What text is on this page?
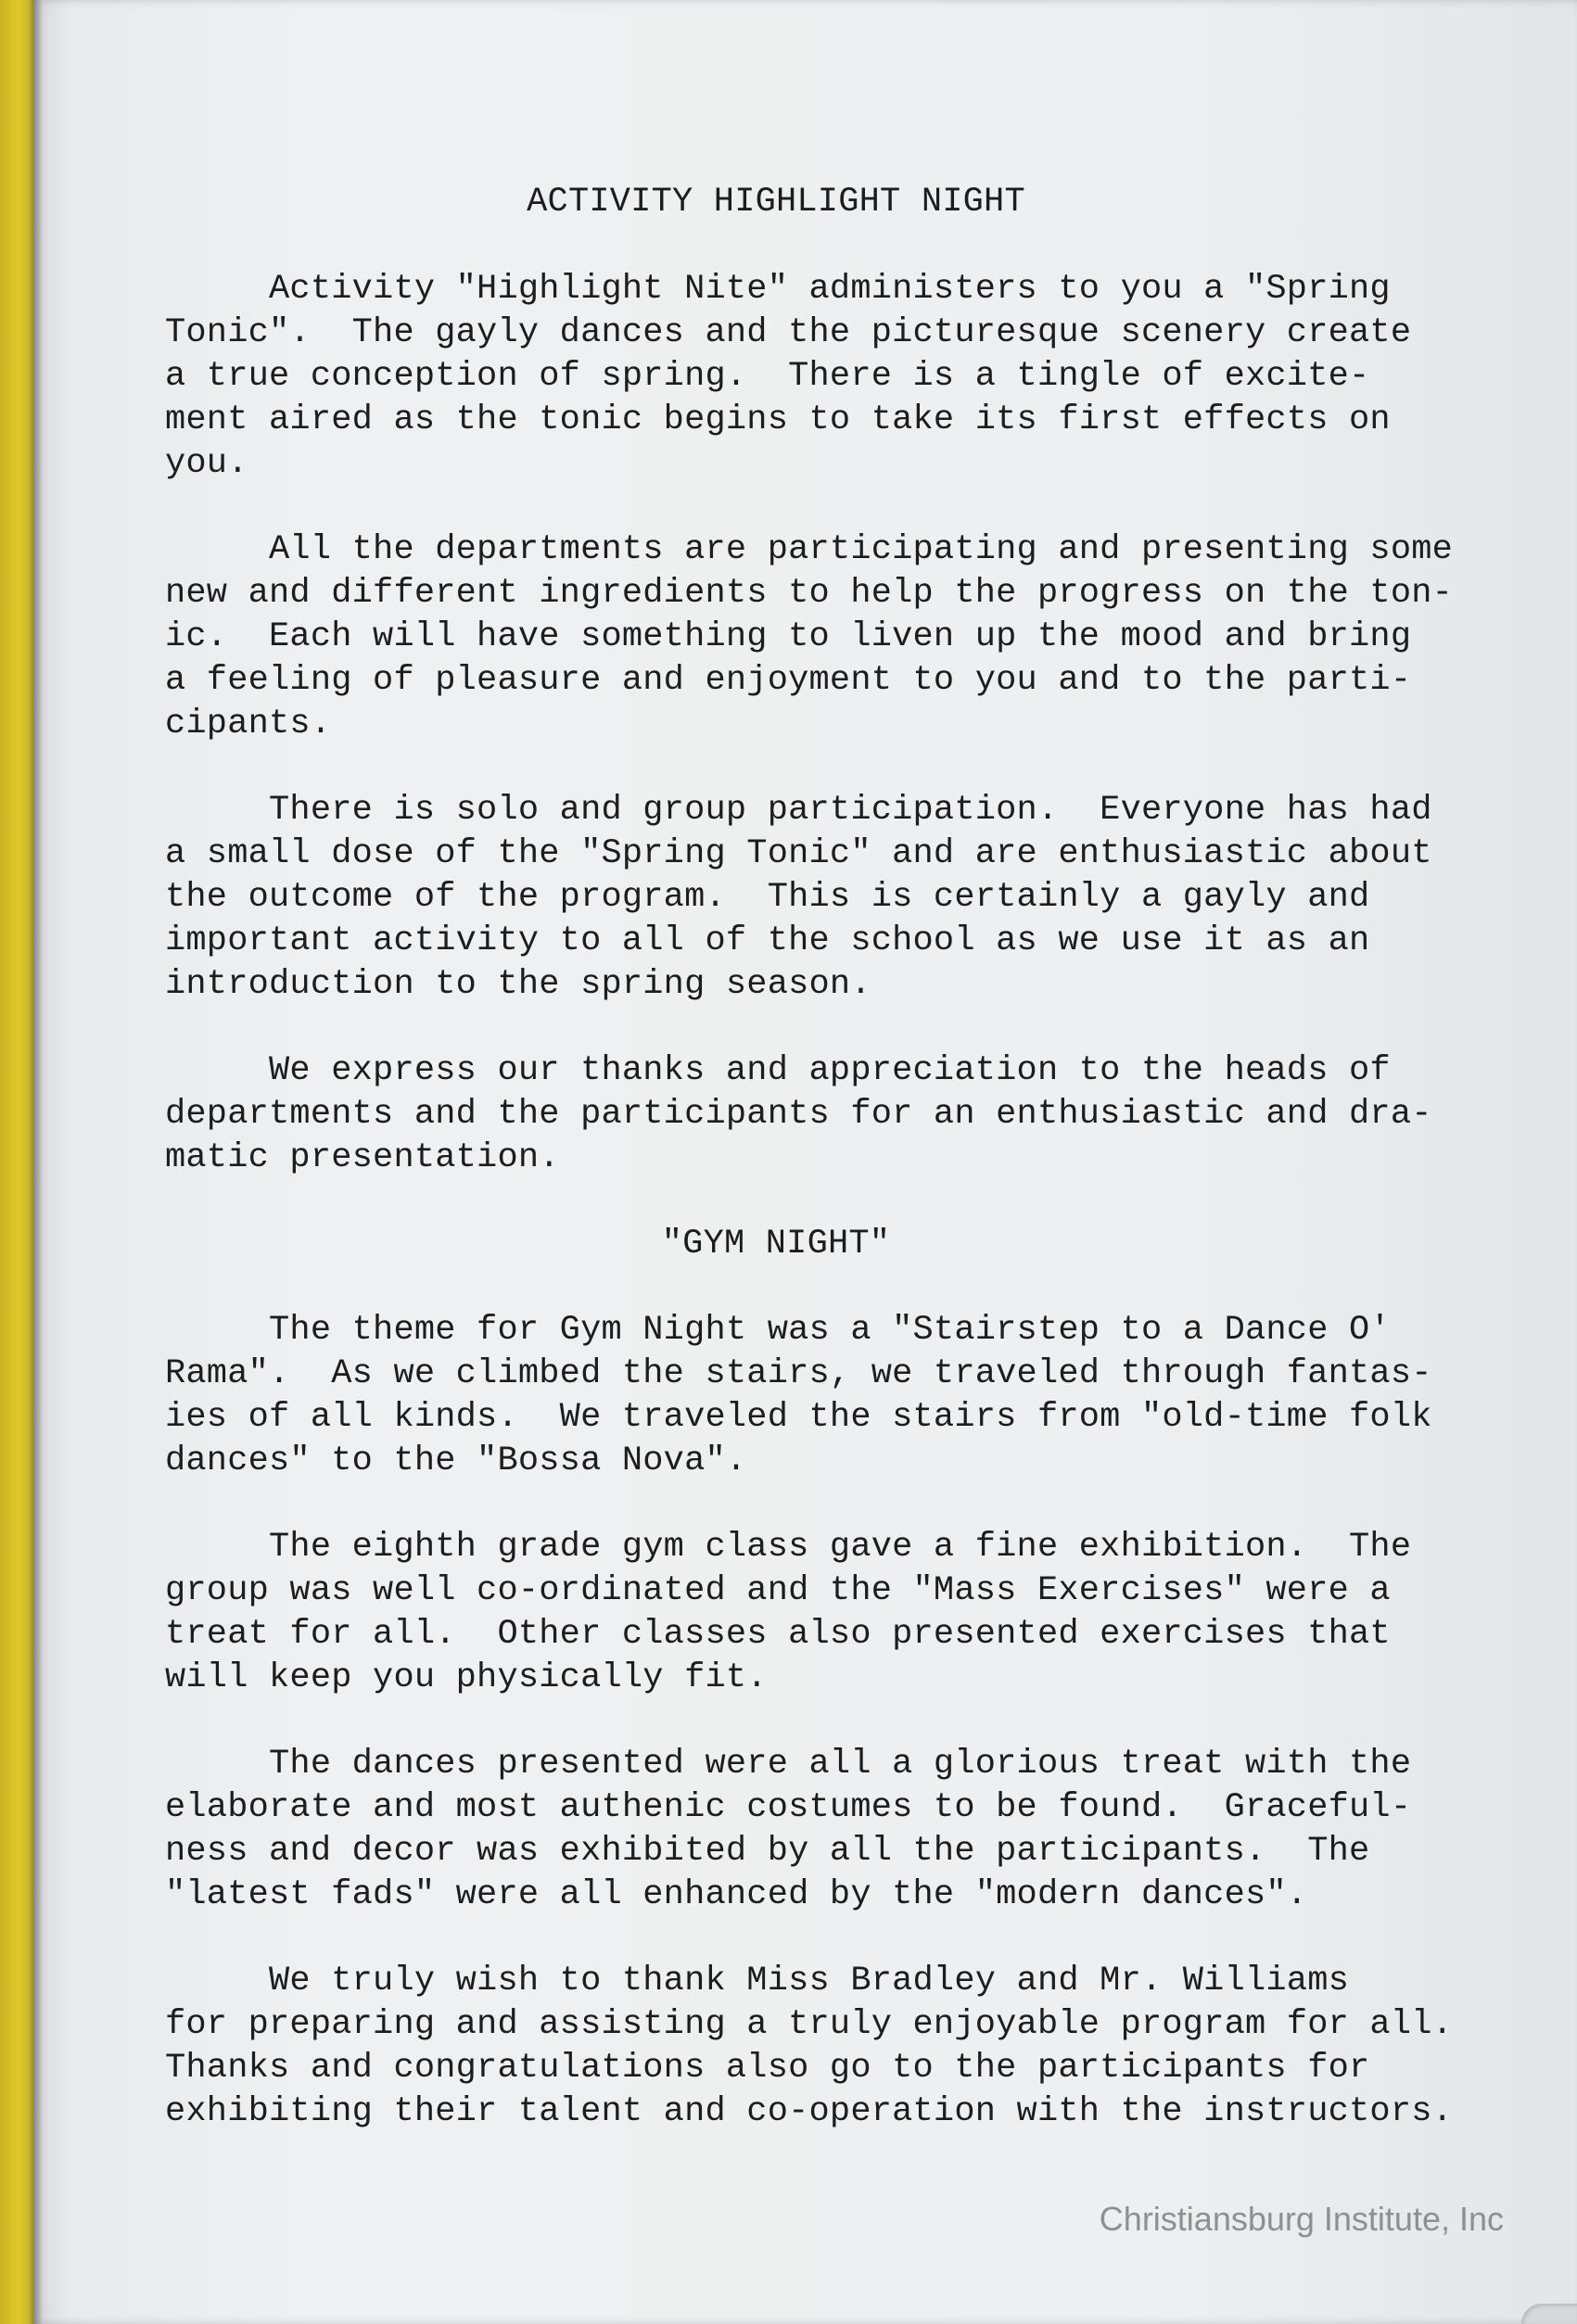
ACTIVITY HIGHLIGHT NIGHT
Activity "Highlight Nite" administers to you a "Spring
Tonic".  The gayly dances and the picturesque scenery create
a true conception of spring.  There is a tingle of excite-
ment aired as the tonic begins to take its first effects on
you.
All the departments are participating and presenting some
new and different ingredients to help the progress on the ton-
ic.  Each will have something to liven up the mood and bring
a feeling of pleasure and enjoyment to you and to the parti-
cipants.
There is solo and group participation.  Everyone has had
a small dose of the "Spring Tonic" and are enthusiastic about
the outcome of the program.  This is certainly a gayly and
important activity to all of the school as we use it as an
introduction to the spring season.
We express our thanks and appreciation to the heads of
departments and the participants for an enthusiastic and dra-
matic presentation.
"GYM NIGHT"
The theme for Gym Night was a "Stairstep to a Dance O'
Rama".  As we climbed the stairs, we traveled through fantas-
ies of all kinds.  We traveled the stairs from "old-time folk
dances" to the "Bossa Nova".
The eighth grade gym class gave a fine exhibition.  The
group was well co-ordinated and the "Mass Exercises" were a
treat for all.  Other classes also presented exercises that
will keep you physically fit.
The dances presented were all a glorious treat with the
elaborate and most authenic costumes to be found.  Graceful-
ness and decor was exhibited by all the participants.  The
"latest fads" were all enhanced by the "modern dances".
We truly wish to thank Miss Bradley and Mr. Williams
for preparing and assisting a truly enjoyable program for all.
Thanks and congratulations also go to the participants for
exhibiting their talent and co-operation with the instructors.
Christiansburg Institute, Inc
